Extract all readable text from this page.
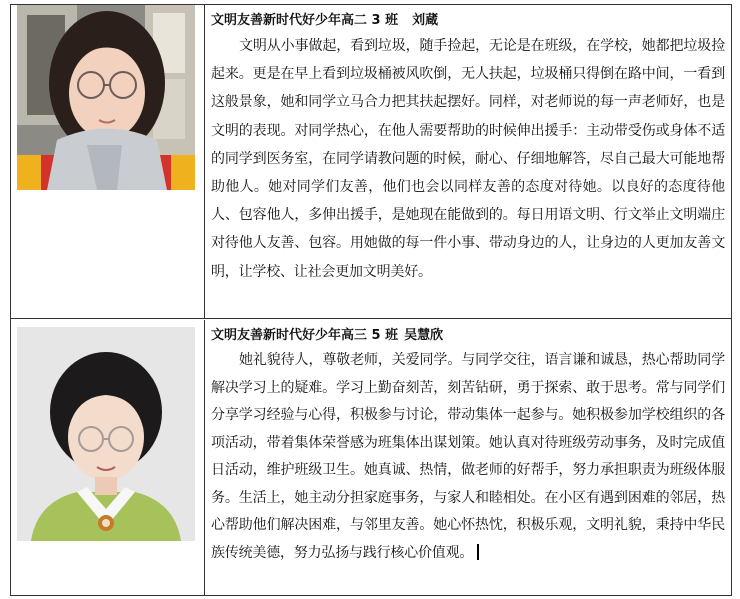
文明友善新时代好少年高二 3 班 刘蔵

文明从小事做起，看到垃圾，随手捡起，无论是在班级，在学校，她都把垃圾捡起来。更是在早上看到垃圾桶被风吹倒，无人扶起，垃圾桶只得倒在路中间，一看到这般景象，她和同学立马合力把其扶起摆好。同样，对老师说的每一声老师好，也是文明的表现。对同学热心，在他人需要帮助的时候伸出援手：主动带受伤或身体不适的同学到医务室，在同学请教问题的时候，耐心、仔细地解答，尽自己最大可能地帮助他人。她对同学们友善，他们也会以同样友善的态度对待她。以良好的态度待他人、包容他人，多伸出援手，是她现在能做到的。每日用语文明、行文举止文明端庄对待他人友善、包容。用她做的每一件小事、带动身边的人，让身边的人更加友善文明，让学校、让社会更加文明美好。

文明友善新时代好少年高三 5 班 吴慧欣

她礼貌待人，尊敬老师，关爱同学。与同学交往，语言谦和诚恳，热心帮助同学解决学习上的疑难。学习上勤奋刻苦，刻苦钻研，勇于探索、敢于思考。常与同学们分享学习经验与心得，积极参与讨论，带动集体一起参与。她积极参加学校组织的各项活动，带着集体荣誉感为班集体出谋划策。她认真对待班级劳动事务，及时完成值日活动，维护班级卫生。她真诚、热情，做老师的好帮手，努力承担职责为班级体服务。生活上，她主动分担家庭事务，与家人和睦相处。在小区有遇到困难的邻居，热心帮助他们解决困难，与邻里友善。她心怀热忱，积极乐观，文明礼貌，秉持中华民族传统美德，努力弘扬与践行核心价值观。
